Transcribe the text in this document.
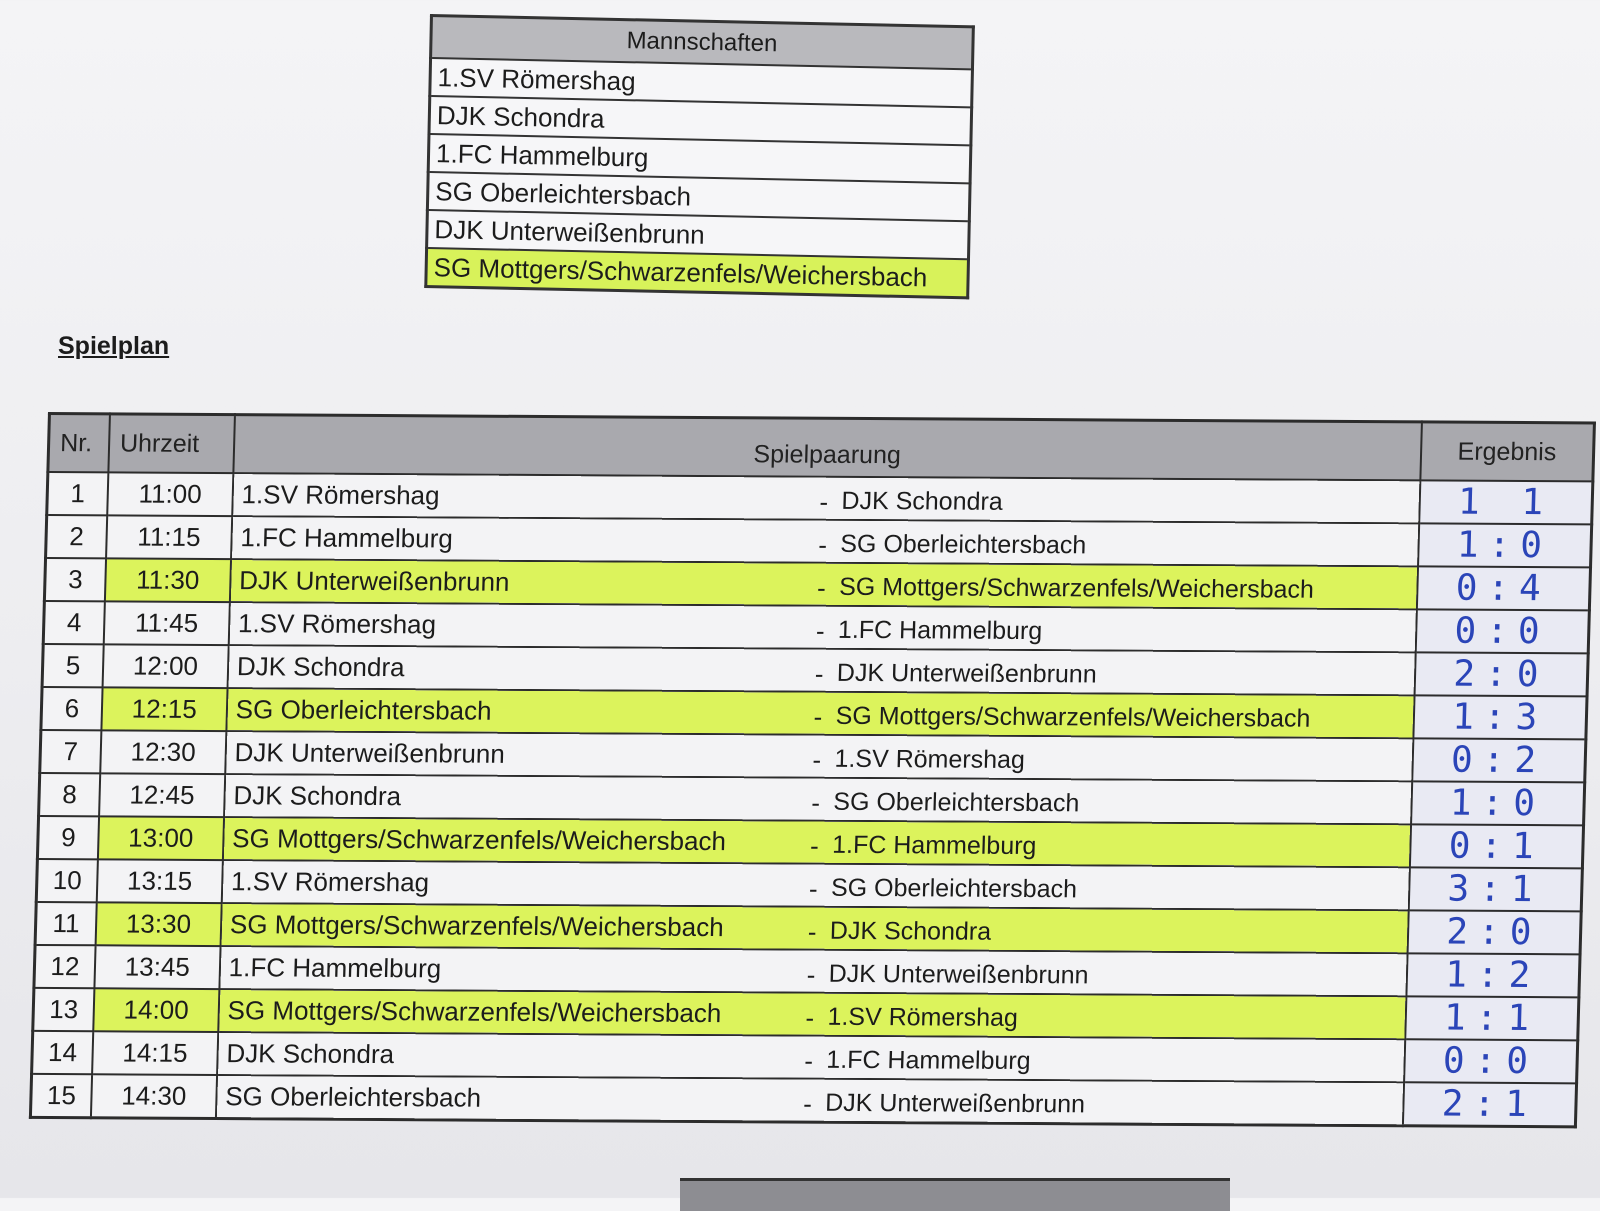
Mannschaften
1.SV Römershag
DJK Schondra
1.FC Hammelburg
SG Oberleichtersbach
DJK Unterweißenbrunn
SG Mottgers/Schwarzenfels/Weichersbach
Spielplan
Nr.	Uhrzeit	Spielpaarung	Ergebnis
1	11:00	1.SV Römershag - DJK Schondra	1 1
2	11:15	1.FC Hammelburg - SG Oberleichtersbach	1:0
3	11:30	DJK Unterweißenbrunn - SG Mottgers/Schwarzenfels/Weichersbach	0:4
4	11:45	1.SV Römershag - 1.FC Hammelburg	0:0
5	12:00	DJK Schondra - DJK Unterweißenbrunn	2:0
6	12:15	SG Oberleichtersbach - SG Mottgers/Schwarzenfels/Weichersbach	1:3
7	12:30	DJK Unterweißenbrunn - 1.SV Römershag	0:2
8	12:45	DJK Schondra - SG Oberleichtersbach	1:0
9	13:00	SG Mottgers/Schwarzenfels/Weichersbach - 1.FC Hammelburg	0:1
10	13:15	1.SV Römershag - SG Oberleichtersbach	3:1
11	13:30	SG Mottgers/Schwarzenfels/Weichersbach - DJK Schondra	2:0
12	13:45	1.FC Hammelburg - DJK Unterweißenbrunn	1:2
13	14:00	SG Mottgers/Schwarzenfels/Weichersbach - 1.SV Römershag	1:1
14	14:15	DJK Schondra - 1.FC Hammelburg	0:0
15	14:30	SG Oberleichtersbach - DJK Unterweißenbrunn	2:1
